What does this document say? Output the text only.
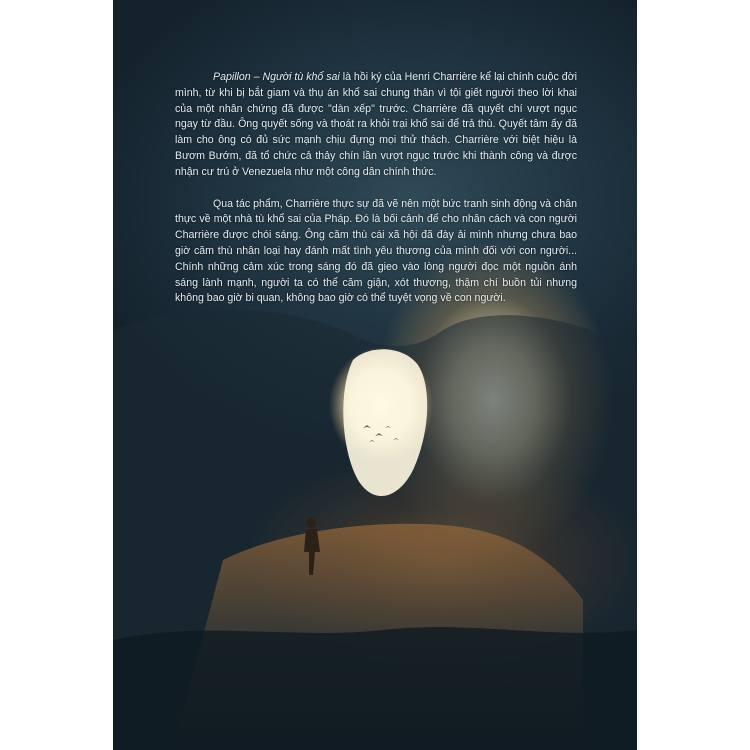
Papillon – Người tù khổ sai là hồi ký của Henri Charrière kể lại chính cuộc đời mình, từ khi bị bắt giam và thụ án khổ sai chung thân vì tội giết người theo lời khai của một nhân chứng đã được "dàn xếp" trước. Charrière đã quyết chí vượt ngục ngay từ đầu. Ông quyết sống và thoát ra khỏi trại khổ sai để trả thù. Quyết tâm ấy đã làm cho ông có đủ sức mạnh chịu đựng mọi thử thách. Charrière với biệt hiệu là Bươm Bướm, đã tổ chức cả thảy chín lần vượt ngục trước khi thành công và được nhận cư trú ở Venezuela như một công dân chính thức.

Qua tác phẩm, Charrière thực sự đã vẽ nên một bức tranh sinh động và chân thực về một nhà tù khổ sai của Pháp. Đó là bối cảnh để cho nhân cách và con người Charrière được chói sáng. Ông căm thù cái xã hội đã đày ải mình nhưng chưa bao giờ căm thù nhân loại hay đánh mất tình yêu thương của mình đối với con người... Chính những cảm xúc trong sáng đó đã gieo vào lòng người đọc một nguồn ánh sáng lành mạnh, người ta có thể căm giận, xót thương, thậm chí buồn tủi nhưng không bao giờ bi quan, không bao giờ có thể tuyệt vọng về con người.
